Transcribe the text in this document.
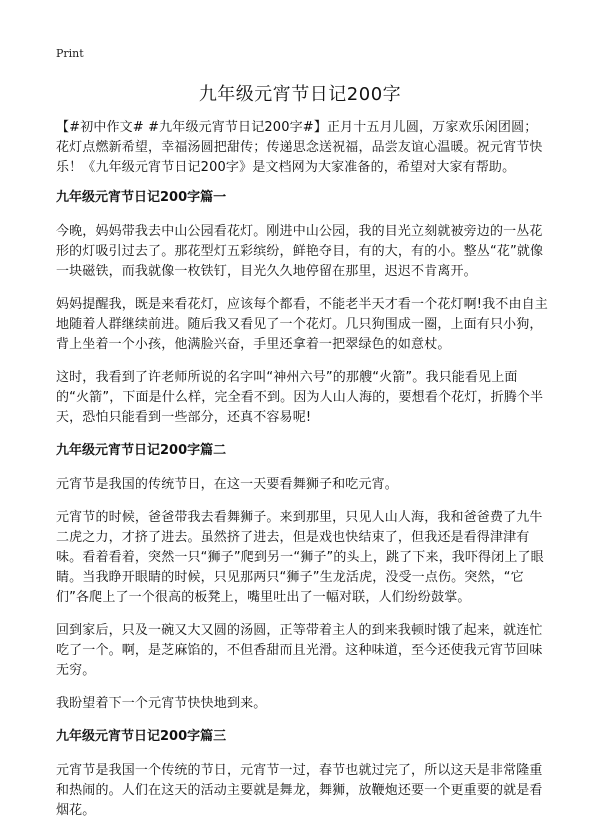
Print
九年级元宵节日记200字

【#初中作文# #九年级元宵节日记200字#】正月十五月儿圆，万家欢乐闲团圆；花灯点燃新希望，幸福汤圆把甜传；传递思念送祝福，品尝友谊心温暖。祝元宵节快乐！《九年级元宵节日记200字》是文档网为大家准备的，希望对大家有帮助。

九年级元宵节日记200字篇一

今晚，妈妈带我去中山公园看花灯。刚进中山公园，我的目光立刻就被旁边的一丛花形的灯吸引过去了。那花型灯五彩缤纷，鲜艳夺目，有的大，有的小。整丛“花”就像一块磁铁，而我就像一枚铁钉，目光久久地停留在那里，迟迟不肯离开。

妈妈提醒我，既是来看花灯，应该每个都看，不能老半天才看一个花灯啊!我不由自主地随着人群继续前进。随后我又看见了一个花灯。几只狗围成一圈，上面有只小狗，背上坐着一个小孩，他满脸兴奋，手里还拿着一把翠绿色的如意杖。

这时，我看到了许老师所说的名字叫“神州六号”的那艘“火箭”。我只能看见上面的“火箭”，下面是什么样，完全看不到。因为人山人海的，要想看个花灯，折腾个半天，恐怕只能看到一些部分，还真不容易呢!

九年级元宵节日记200字篇二

元宵节是我国的传统节日，在这一天要看舞狮子和吃元宵。

元宵节的时候，爸爸带我去看舞狮子。来到那里，只见人山人海，我和爸爸费了九牛二虎之力，才挤了进去。虽然挤了进去，但是戏也快结束了，但我还是看得津津有味。看着看着，突然一只“狮子”爬到另一“狮子”的头上，跳了下来，我吓得闭上了眼睛。当我睁开眼睛的时候，只见那两只“狮子”生龙活虎，没受一点伤。突然，“它们”各爬上了一个很高的板凳上，嘴里吐出了一幅对联，人们纷纷鼓掌。

回到家后，只及一碗又大又圆的汤圆，正等带着主人的到来我顿时饿了起来，就连忙吃了一个。啊，是芝麻馅的，不但香甜而且光滑。这种味道，至今还使我元宵节回味无穷。

我盼望着下一个元宵节快快地到来。

九年级元宵节日记200字篇三

元宵节是我国一个传统的节日，元宵节一过，春节也就过完了，所以这天是非常隆重和热闹的。人们在这天的活动主要就是舞龙，舞狮，放鞭炮还要一个更重要的就是看烟花。
